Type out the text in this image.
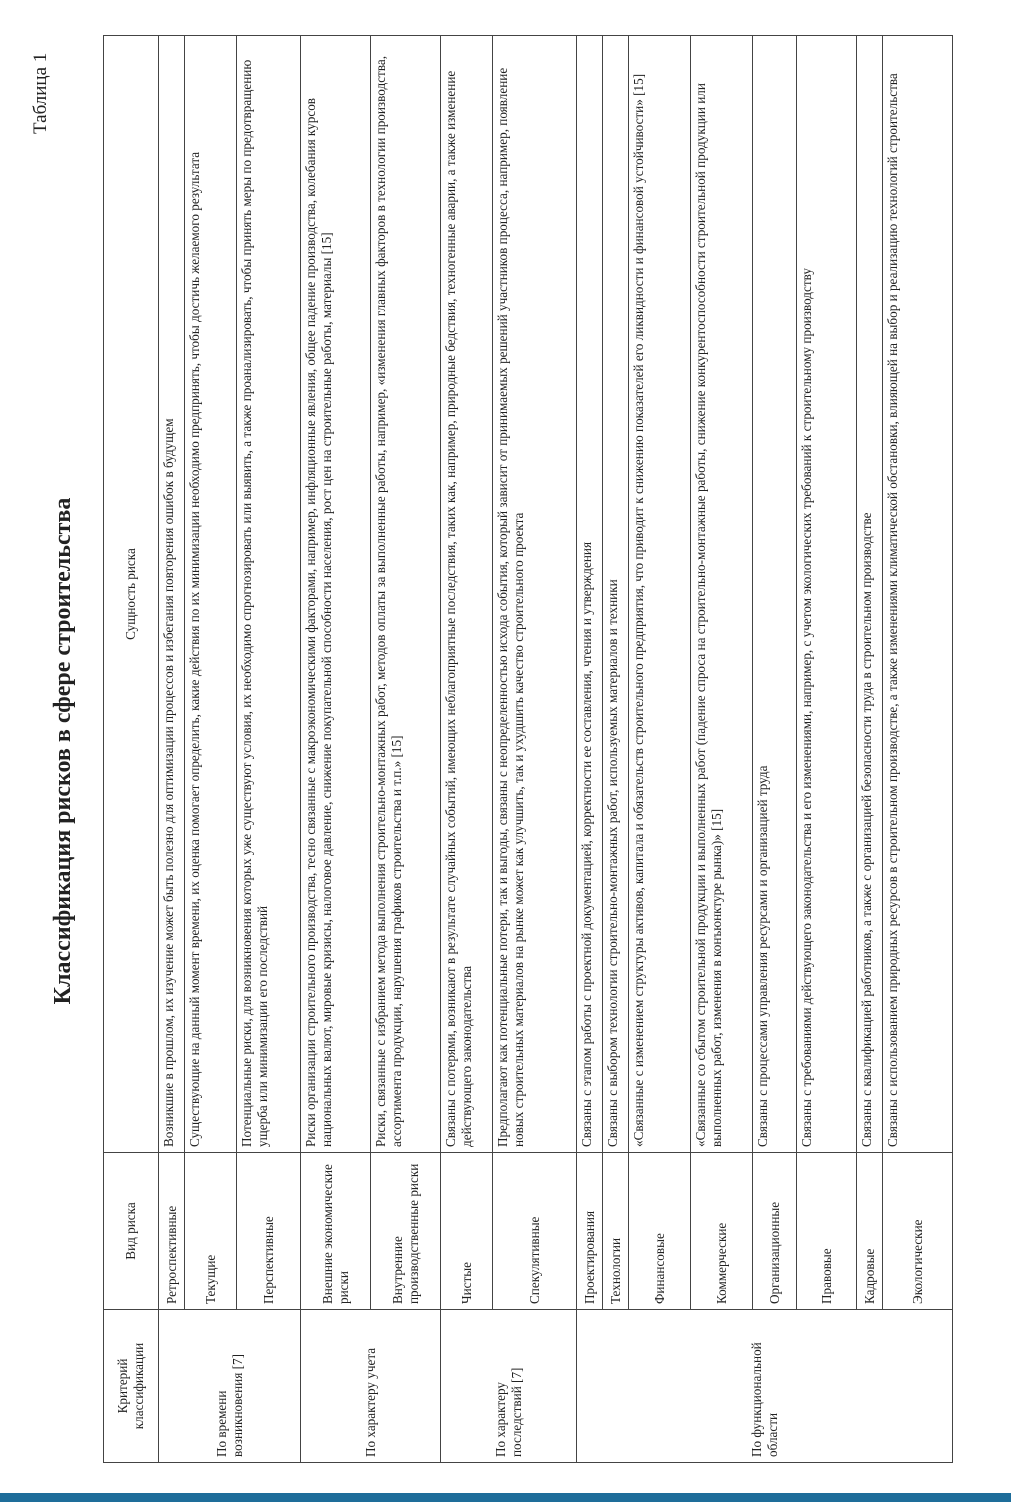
Таблица 1
Классификация рисков в сфере строительства
Критерий классификации	Вид риска	Сущность риска
По времени возникновения [7]	Ретроспективные	Возникшие в прошлом, их изучение может быть полезно для оптимизации процессов и избегания повторения ошибок в будущем
	Текущие	Существующие на данный момент времени, их оценка помогает определить, какие действия по их минимизации необходимо предпринять, чтобы достичь желаемого результата
	Перспективные	Потенциальные риски, для возникновения которых уже существуют условия, их необходимо спрогнозировать или выявить, а также проанализировать, чтобы принять меры по предотвращению ущерба или минимизации его последствий
По характеру учета	Внешние экономические риски	Риски организации строительного производства, тесно связанные с макроэкономическими факторами, например, инфляционные явления, общее падение производства, колебания курсов национальных валют, мировые кризисы, налоговое давление, снижение покупательной способности населения, рост цен на строительные работы, материалы [15]
	Внутренние производственные риски	Риски, связанные с избранием метода выполнения строительно-монтажных работ, методов оплаты за выполненные работы, например, «изменения главных факторов в технологии производства, ассортимента продукции, нарушения графиков строительства и т.п.» [15]
По характеру последствий [7]	Чистые	Связаны с потерями, возникают в результате случайных событий, имеющих неблагоприятные последствия, таких как, например, природные бедствия, техногенные аварии, а также изменение действующего законодательства
	Спекулятивные	Предполагают как потенциальные потери, так и выгоды, связаны с неопределенностью исхода события, который зависит от принимаемых решений участников процесса, например, появление новых строительных материалов на рынке может как улучшить, так и ухудшить качество строительного проекта
По функциональной области	Проектирования	Связаны с этапом работы с проектной документацией, корректности ее составления, чтения и утверждения
	Технологии	Связаны с выбором технологии строительно-монтажных работ, используемых материалов и техники
	Финансовые	«Связанные с изменением структуры активов, капитала и обязательств строительного предприятия, что приводит к снижению показателей его ликвидности и финансовой устойчивости» [15]
	Коммерческие	«Связанные со сбытом строительной продукции и выполненных работ (падение спроса на строительно-монтажные работы, снижение конкурентоспособности строительной продукции или выполненных работ, изменения в конъюнктуре рынка)» [15]
	Организационные	Связаны с процессами управления ресурсами и организацией труда
	Правовые	Связаны с требованиями действующего законодательства и его изменениями, например, с учетом экологических требований к строительному производству
	Кадровые	Связаны с квалификацией работников, а также с организацией безопасности труда в строительном производстве
	Экологические	Связаны с использованием природных ресурсов в строительном производстве, а также изменениями климатической обстановки, влияющей на выбор и реализацию технологий строительства
